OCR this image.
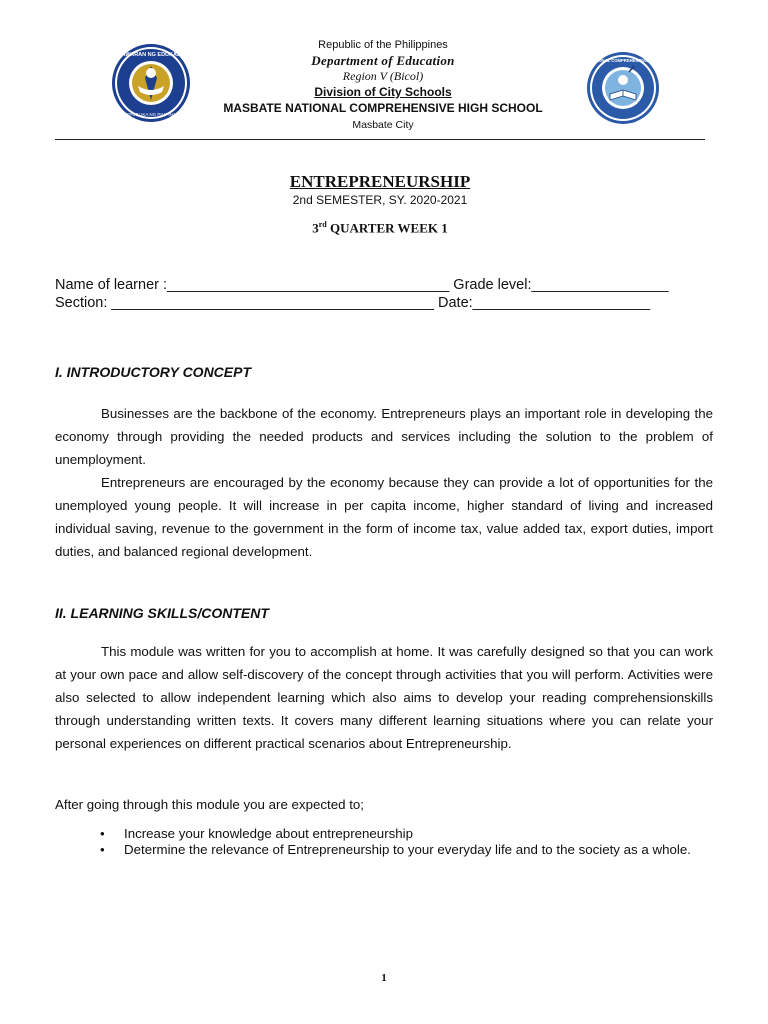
KAGAWARAN NG EDUKASYON
REPUBLIKA NG PILIPINAS
MASBATE NATIONAL COMPREHENSIVE HIGH SCHOOL
Republic of the Philippines
Department of Education
Region V (Bicol)
Division of City Schools
MASBATE NATIONAL COMPREHENSIVE HIGH SCHOOL
Masbate City
ENTREPRENEURSHIP
2nd SEMESTER, SY. 2020-2021
3rd QUARTER WEEK 1
Name of learner :___________________________________ Grade level:_________________
Section: ________________________________________ Date:______________________
I. INTRODUCTORY CONCEPT

Businesses are the backbone of the economy. Entrepreneurs plays an important role in developing the economy through providing the needed products and services including the solution to the problem of unemployment.

Entrepreneurs are encouraged by the economy because they can provide a lot of opportunities for the unemployed young people. It will increase in per capita income, higher standard of living and increased individual saving, revenue to the government in the form of income tax, value added tax, export duties, import duties, and balanced regional development.

II. LEARNING SKILLS/CONTENT

This module was written for you to accomplish at home. It was carefully designed so that you can work at your own pace and allow self-discovery of the concept through activities that you will perform. Activities were also selected to allow independent learning which also aims to develop your reading comprehensionskills through understanding written texts. It covers many different learning situations where you can relate your personal experiences on different practical scenarios about Entrepreneurship.

After going through this module you are expected to;
• Increase your knowledge about entrepreneurship
• Determine the relevance of Entrepreneurship to your everyday life and to the society as a whole.
1
